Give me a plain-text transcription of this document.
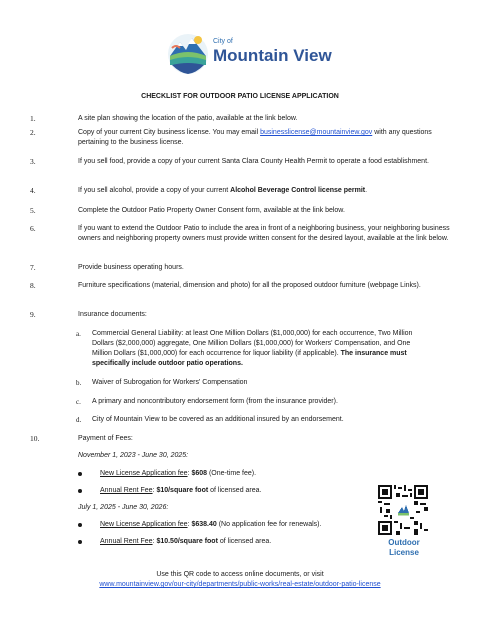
City of
Mountain View
CHECKLIST FOR OUTDOOR PATIO LICENSE APPLICATION
1.	A site plan showing the location of the patio, available at the link below.
2.	Copy of your current City business license. You may email businesslicense@mountainview.gov with any questions pertaining to the business license.
3.	If you sell food, provide a copy of your current Santa Clara County Health Permit to operate a food establishment.
4.	If you sell alcohol, provide a copy of your current Alcohol Beverage Control license permit.
5.	Complete the Outdoor Patio Property Owner Consent form, available at the link below.
6.	If you want to extend the Outdoor Patio to include the area in front of a neighboring business, your neighboring business owners and neighboring property owners must provide written consent for the desired layout, available at the link below.
7.	Provide business operating hours.
8.	Furniture specifications (material, dimension and photo) for all the proposed outdoor furniture (webpage Links).
9.	Insurance documents:
a. Commercial General Liability: at least One Million Dollars ($1,000,000) for each occurrence, Two Million Dollars ($2,000,000) aggregate, One Million Dollars ($1,000,000) for Workers' Compensation, and One Million Dollars ($1,000,000) for each occurrence for liquor liability (if applicable). The insurance must specifically include outdoor patio operations.
b. Waiver of Subrogation for Workers' Compensation
c. A primary and noncontributory endorsement form (from the insurance provider).
d. City of Mountain View to be covered as an additional insured by an endorsement.
10.	Payment of Fees:
November 1, 2023 - June 30, 2025:
New License Application fee: $608 (One-time fee).
Annual Rent Fee: $10/square foot of licensed area.
July 1, 2025 - June 30, 2026:
New License Application fee: $638.40 (No application fee for renewals).
Annual Rent Fee: $10.50/square foot of licensed area.	Outdoor
License
Use this QR code to access online documents, or visit
www.mountainview.gov/our-city/departments/public-works/real-estate/outdoor-patio-license
